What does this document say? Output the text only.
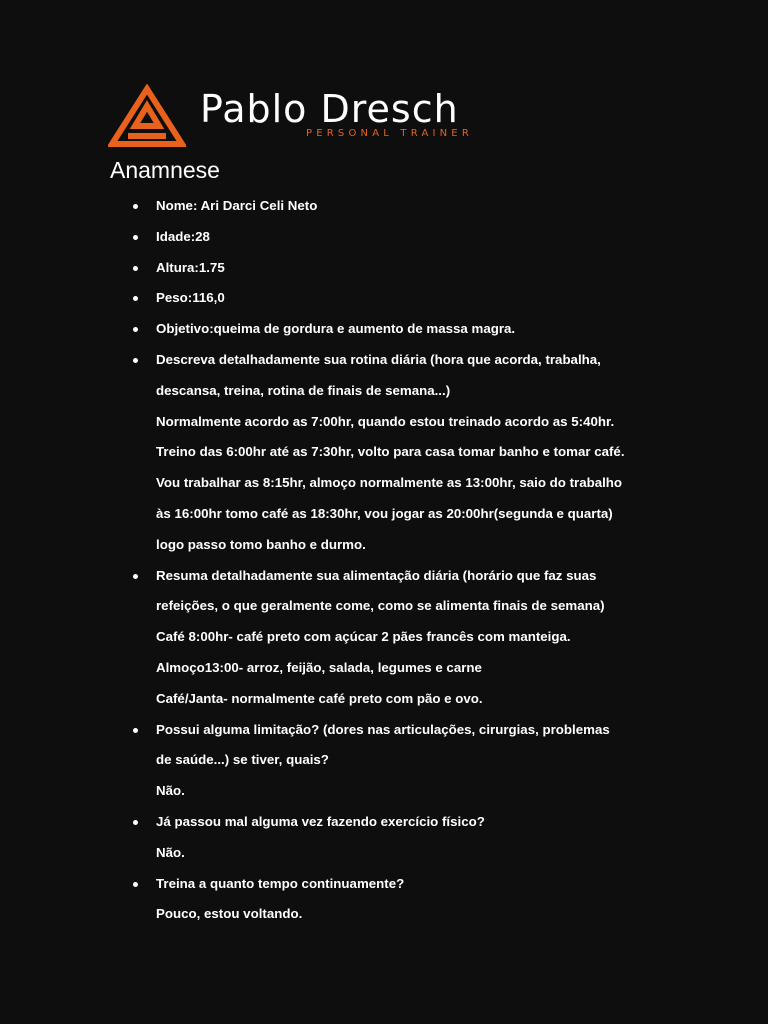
Pablo Dresch
PERSONAL TRAINER
Anamnese
Nome: Ari Darci Celi Neto
Idade:28
Altura:1.75
Peso:116,0
Objetivo:queima de gordura e aumento de massa magra.
Descreva detalhadamente sua rotina diária (hora que acorda, trabalha,
descansa, treina, rotina de finais de semana...)
Normalmente acordo as 7:00hr, quando estou treinado acordo as 5:40hr.
Treino das 6:00hr até as 7:30hr, volto para casa tomar banho e tomar café.
Vou trabalhar as 8:15hr, almoço normalmente as 13:00hr, saio do trabalho
às 16:00hr tomo café as 18:30hr, vou jogar as 20:00hr(segunda e quarta)
logo passo tomo banho e durmo.
Resuma detalhadamente sua alimentação diária (horário que faz suas
refeições, o que geralmente come, como se alimenta finais de semana)
Café 8:00hr- café preto com açúcar 2 pães francês com manteiga.
Almoço13:00- arroz, feijão, salada, legumes e carne
Café/Janta- normalmente café preto com pão e ovo.
Possui alguma limitação? (dores nas articulações, cirurgias, problemas
de saúde...) se tiver, quais?
Não.
Já passou mal alguma vez fazendo exercício físico?
Não.
Treina a quanto tempo continuamente?
Pouco, estou voltando.
